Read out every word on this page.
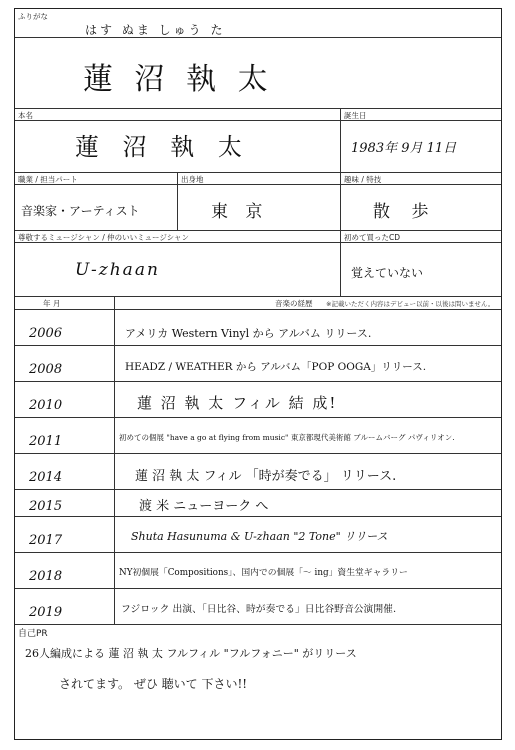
ふりがな
はす ぬま しゅう た
蓮 沼 執 太
本名	誕生日
蓮 沼 執 太	1983年 9月 11日
職業 / 担当パート	出身地	趣味 / 特技
音楽家・アーティスト	東 京	散 歩
尊敬するミュージシャン / 仲のいいミュージシャン	初めて買ったCD
U-zhaan	覚えていない
年 月	音楽の経歴 ※記載いただく内容はデビュー以前・以後は問いません。
2006	アメリカ Western Vinyl から アルバム リリース.
2008	HEADZ / WEATHER から アルバム「POP OOGA」リリース.
2010	蓮 沼 執 太 フィル 結 成!
2011	初めての個展 "have a go at flying from music" 東京都現代美術館 ブルームバーグ パヴィリオン.
2014	蓮 沼 執 太 フィル 「時が奏でる」 リリース.
2015	渡 米 ニューヨーク へ
2017	Shuta Hasunuma & U-zhaan "2 Tone" リリース
2018	NY初個展「Compositions」、国内での個展「～ ing」資生堂ギャラリー
2019	フジロック 出演、「日比谷、時が奏でる」日比谷野音公演開催.
自己PR
26人編成による 蓮 沼 執 太 フルフィル "フルフォニー" がリリース
されてます。 ぜひ 聴いて 下さい!!
